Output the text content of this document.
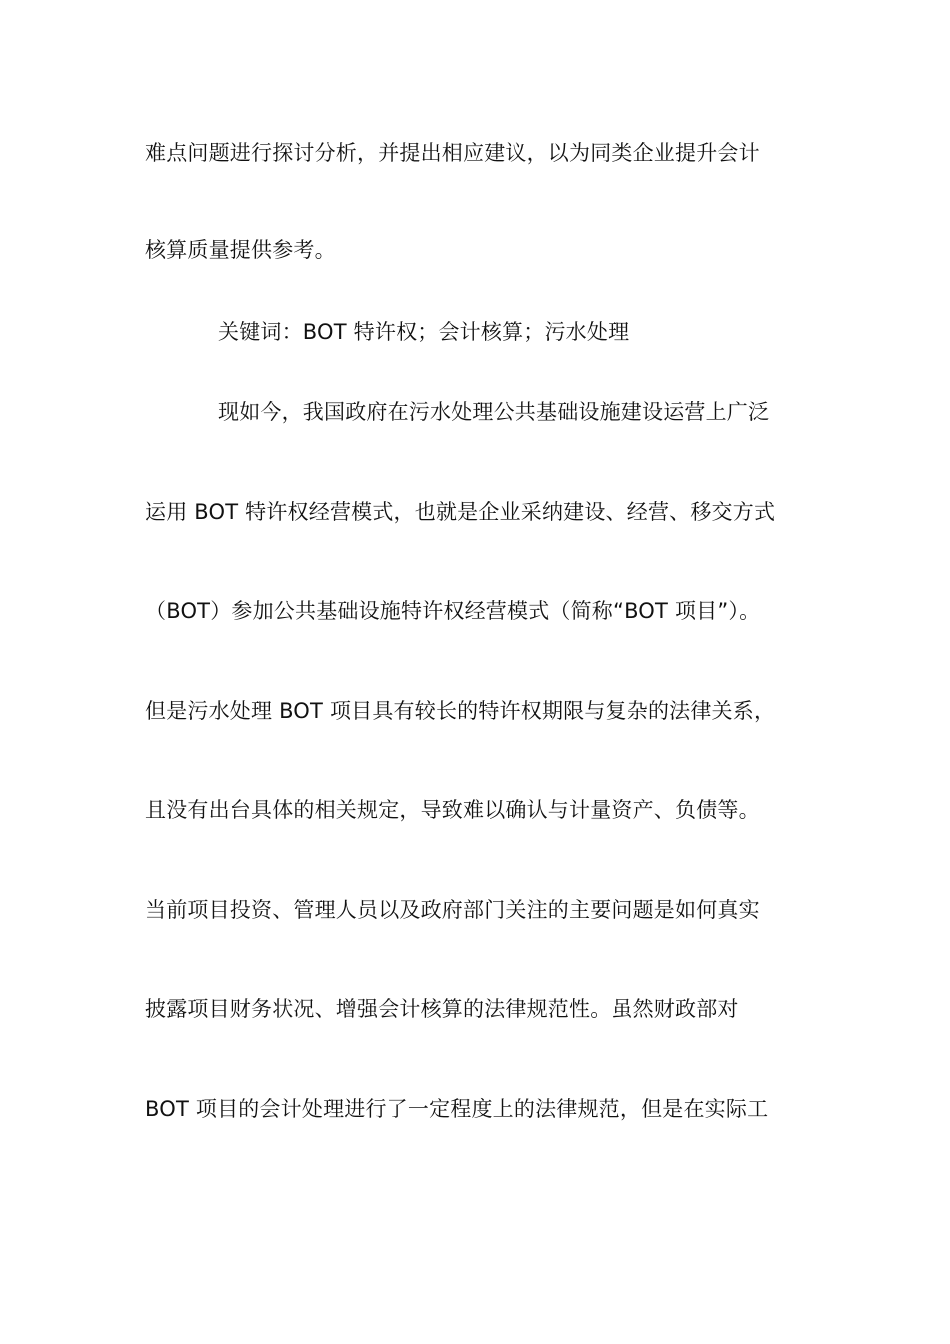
难点问题进行探讨分析，并提出相应建议，以为同类企业提升会计
核算质量提供参考。
关键词：BOT 特许权；会计核算；污水处理
现如今，我国政府在污水处理公共基础设施建设运营上广泛
运用 BOT 特许权经营模式，也就是企业采纳建设、经营、移交方式
（BOT）参加公共基础设施特许权经营模式（简称“BOT 项目”）。
但是污水处理 BOT 项目具有较长的特许权期限与复杂的法律关系，
且没有出台具体的相关规定，导致难以确认与计量资产、负债等。
当前项目投资、管理人员以及政府部门关注的主要问题是如何真实
披露项目财务状况、增强会计核算的法律规范性。虽然财政部对
BOT 项目的会计处理进行了一定程度上的法律规范，但是在实际工
